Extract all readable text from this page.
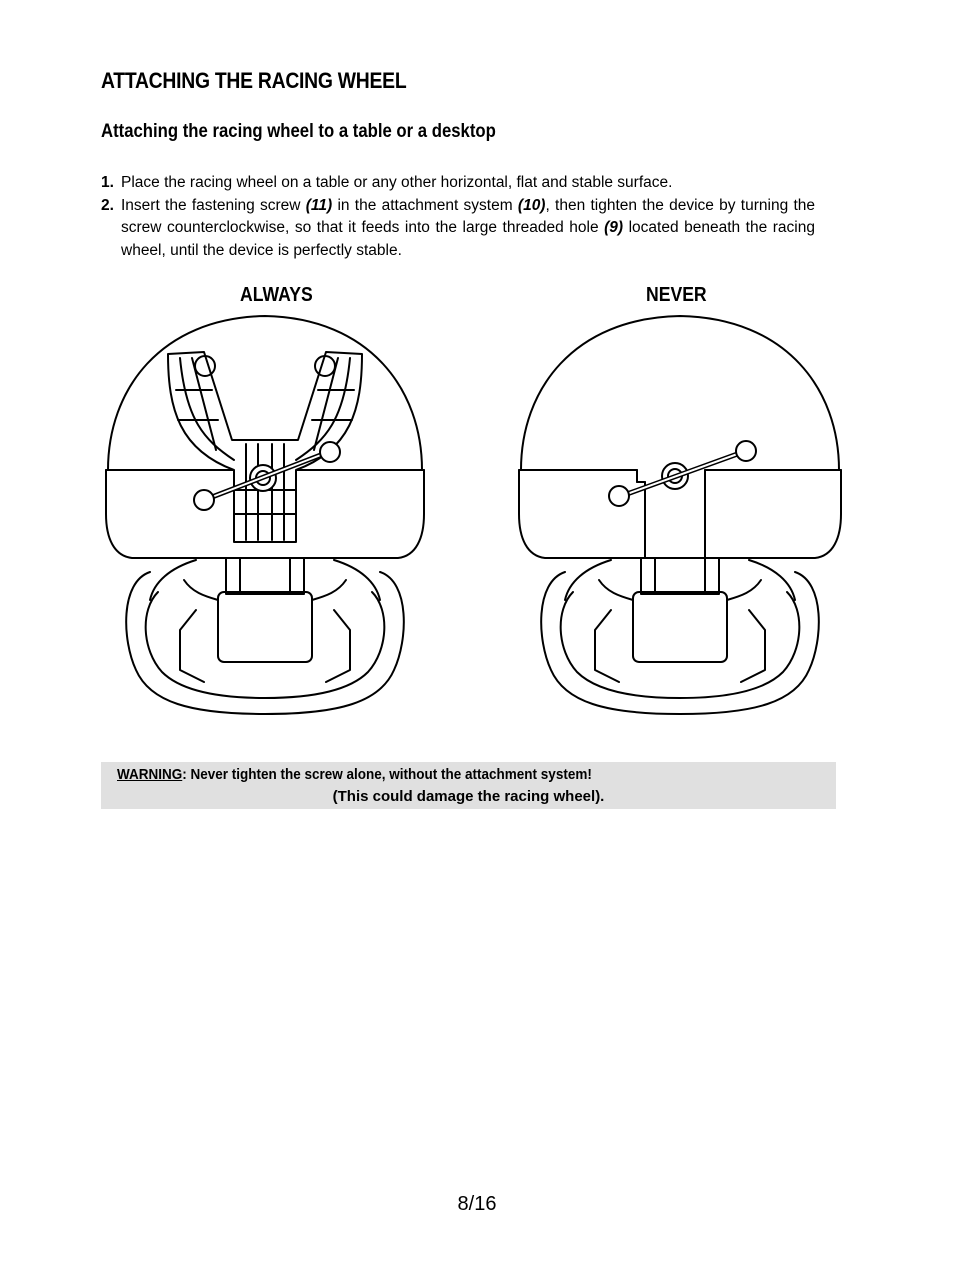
ATTACHING THE RACING WHEEL
Attaching the racing wheel to a table or a desktop
1. Place the racing wheel on a table or any other horizontal, flat and stable surface.
2. Insert the fastening screw (11) in the attachment system (10), then tighten the device by turning the screw counterclockwise, so that it feeds into the large threaded hole (9) located beneath the racing wheel, until the device is perfectly stable.
ALWAYS	NEVER
WARNING: Never tighten the screw alone, without the attachment system!
(This could damage the racing wheel).
8/16
